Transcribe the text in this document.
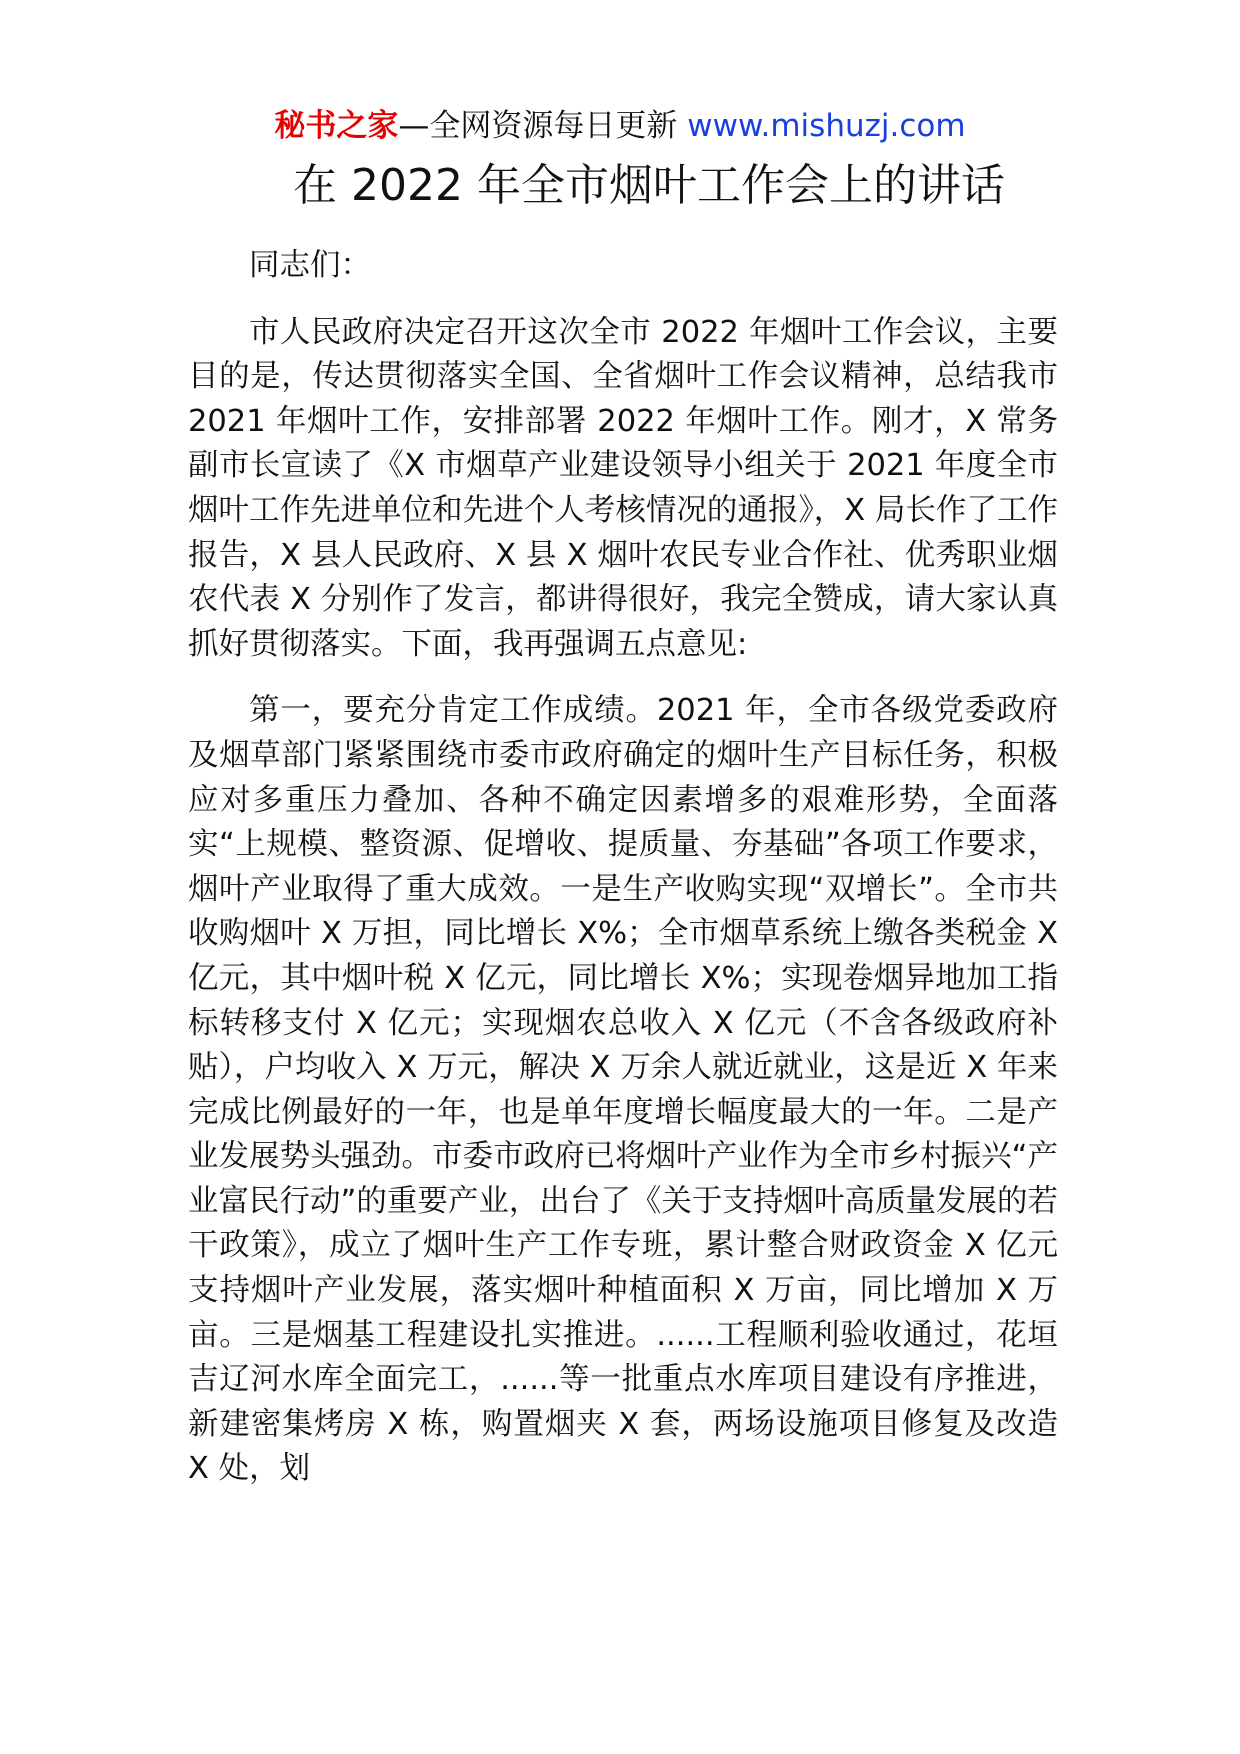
秘书之家—全网资源每日更新 www.mishuzj.com
在 2022 年全市烟叶工作会上的讲话

同志们：

市人民政府决定召开这次全市 2022 年烟叶工作会议，主要目的是，传达贯彻落实全国、全省烟叶工作会议精神，总结我市 2021 年烟叶工作，安排部署 2022 年烟叶工作。刚才，X 常务副市长宣读了《X 市烟草产业建设领导小组关于 2021 年度全市烟叶工作先进单位和先进个人考核情况的通报》，X 局长作了工作报告，X 县人民政府、X 县 X 烟叶农民专业合作社、优秀职业烟农代表 X 分别作了发言，都讲得很好，我完全赞成，请大家认真抓好贯彻落实。下面，我再强调五点意见:

第一，要充分肯定工作成绩。2021 年，全市各级党委政府及烟草部门紧紧围绕市委市政府确定的烟叶生产目标任务，积极应对多重压力叠加、各种不确定因素增多的艰难形势，全面落实“上规模、整资源、促增收、提质量、夯基础”各项工作要求，烟叶产业取得了重大成效。一是生产收购实现“双增长”。全市共收购烟叶 X 万担，同比增长 X%；全市烟草系统上缴各类税金 X 亿元，其中烟叶税 X 亿元，同比增长 X%；实现卷烟异地加工指标转移支付 X 亿元；实现烟农总收入 X 亿元（不含各级政府补贴），户均收入 X 万元，解决 X 万余人就近就业，这是近 X 年来完成比例最好的一年，也是单年度增长幅度最大的一年。二是产业发展势头强劲。市委市政府已将烟叶产业作为全市乡村振兴“产业富民行动”的重要产业，出台了《关于支持烟叶高质量发展的若干政策》，成立了烟叶生产工作专班，累计整合财政资金 X 亿元支持烟叶产业发展，落实烟叶种植面积 X 万亩，同比增加 X 万亩。三是烟基工程建设扎实推进。......工程顺利验收通过，花垣吉辽河水库全面完工，......等一批重点水库项目建设有序推进，新建密集烤房 X 栋，购置烟夹 X 套，两场设施项目修复及改造 X 处，划
